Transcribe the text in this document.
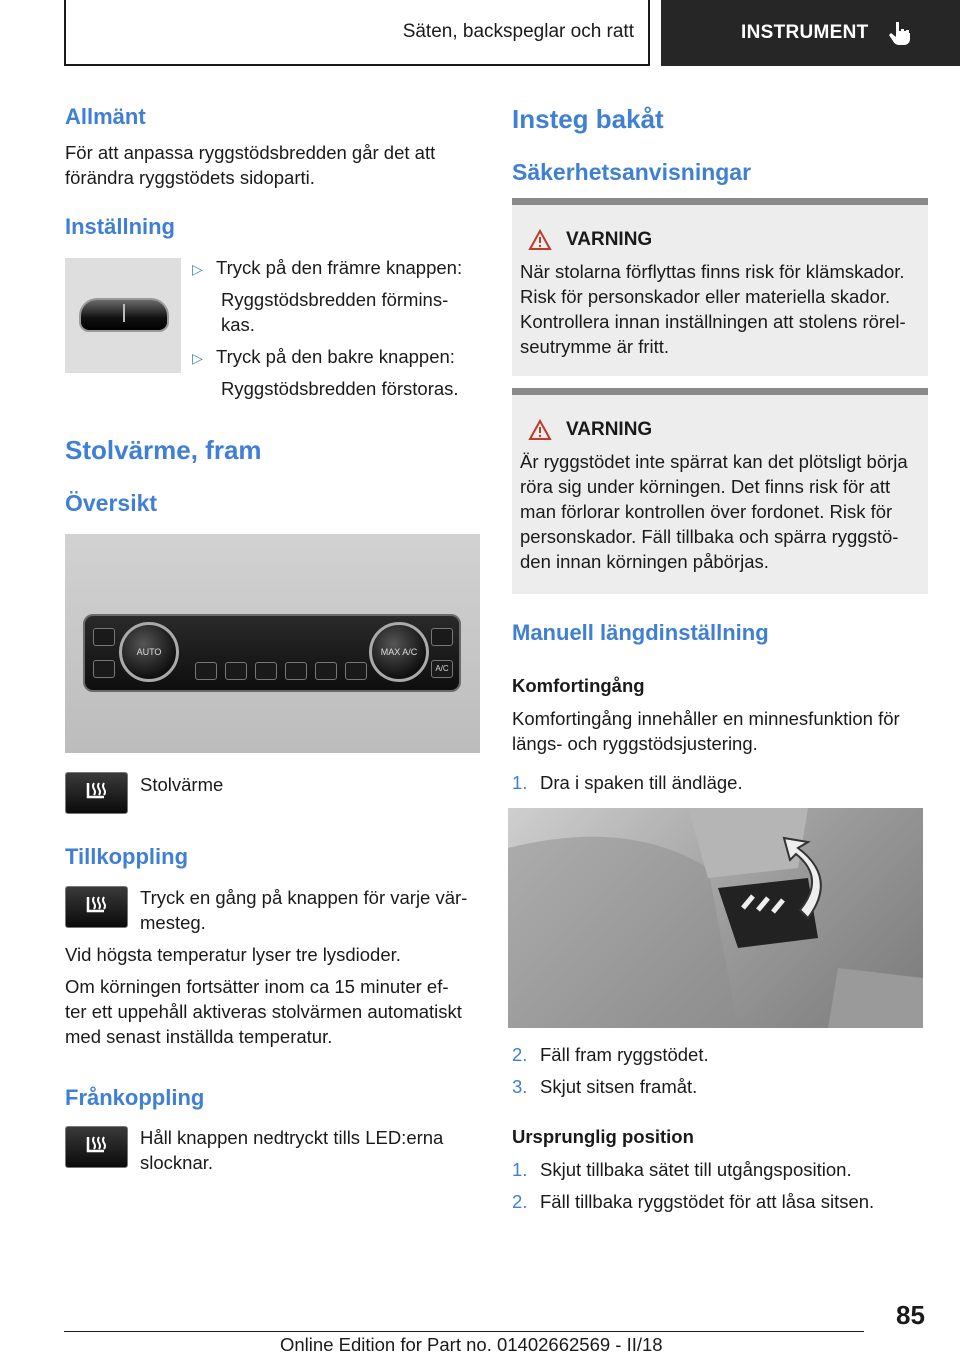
Säten, backspeglar och ratt	INSTRUMENT
Allmänt
För att anpassa ryggstödsbredden går det att
förändra ryggstödets sidoparti.
Inställning
▷ Tryck på den främre knappen:
Ryggstödsbredden förmins-
kas.
▷ Tryck på den bakre knappen:
Ryggstödsbredden förstoras.
Stolvärme, fram
Översikt
AUTO	MAX A/C
A/C
Stolvärme
Tillkoppling
Tryck en gång på knappen för varje vär-
mesteg.
Vid högsta temperatur lyser tre lysdioder.
Om körningen fortsätter inom ca 15 minuter ef-
ter ett uppehåll aktiveras stolvärmen automatiskt
med senast inställda temperatur.
Frånkoppling
Håll knappen nedtryckt tills LED:erna
slocknar.
Insteg bakåt
Säkerhetsanvisningar
VARNING
När stolarna förflyttas finns risk för klämskador.
Risk för personskador eller materiella skador.
Kontrollera innan inställningen att stolens rörel-
seutrymme är fritt.
VARNING
Är ryggstödet inte spärrat kan det plötsligt börja
röra sig under körningen. Det finns risk för att
man förlorar kontrollen över fordonet. Risk för
personskador. Fäll tillbaka och spärra ryggstö-
den innan körningen påbörjas.
Manuell längdinställning
Komfortingång
Komfortingång innehåller en minnesfunktion för
längs- och ryggstödsjustering.
1. Dra i spaken till ändläge.
2. Fäll fram ryggstödet.
3. Skjut sitsen framåt.
Ursprunglig position
1. Skjut tillbaka sätet till utgångsposition.
2. Fäll tillbaka ryggstödet för att låsa sitsen.
85
Online Edition for Part no. 01402662569 - II/18
